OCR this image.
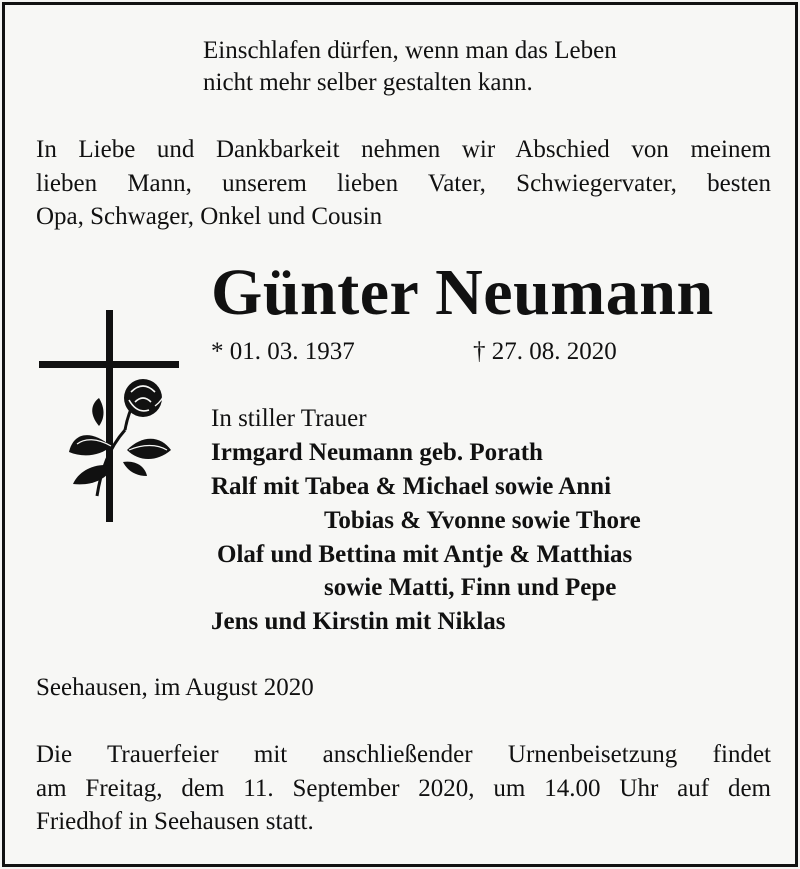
Einschlafen dürfen, wenn man das Leben
nicht mehr selber gestalten kann.
In Liebe und Dankbarkeit nehmen wir Abschied von meinem
lieben Mann, unserem lieben Vater, Schwiegervater, besten
Opa, Schwager, Onkel und Cousin
Günter Neumann
* 01. 03. 1937	† 27. 08. 2020
In stiller Trauer
Irmgard Neumann geb. Porath
Ralf mit Tabea & Michael sowie Anni
Tobias & Yvonne sowie Thore
Olaf und Bettina mit Antje & Matthias
sowie Matti, Finn und Pepe
Jens und Kirstin mit Niklas
Seehausen, im August 2020
Die Trauerfeier mit anschließender Urnenbeisetzung findet
am Freitag, dem 11. September 2020, um 14.00 Uhr auf dem
Friedhof in Seehausen statt.
